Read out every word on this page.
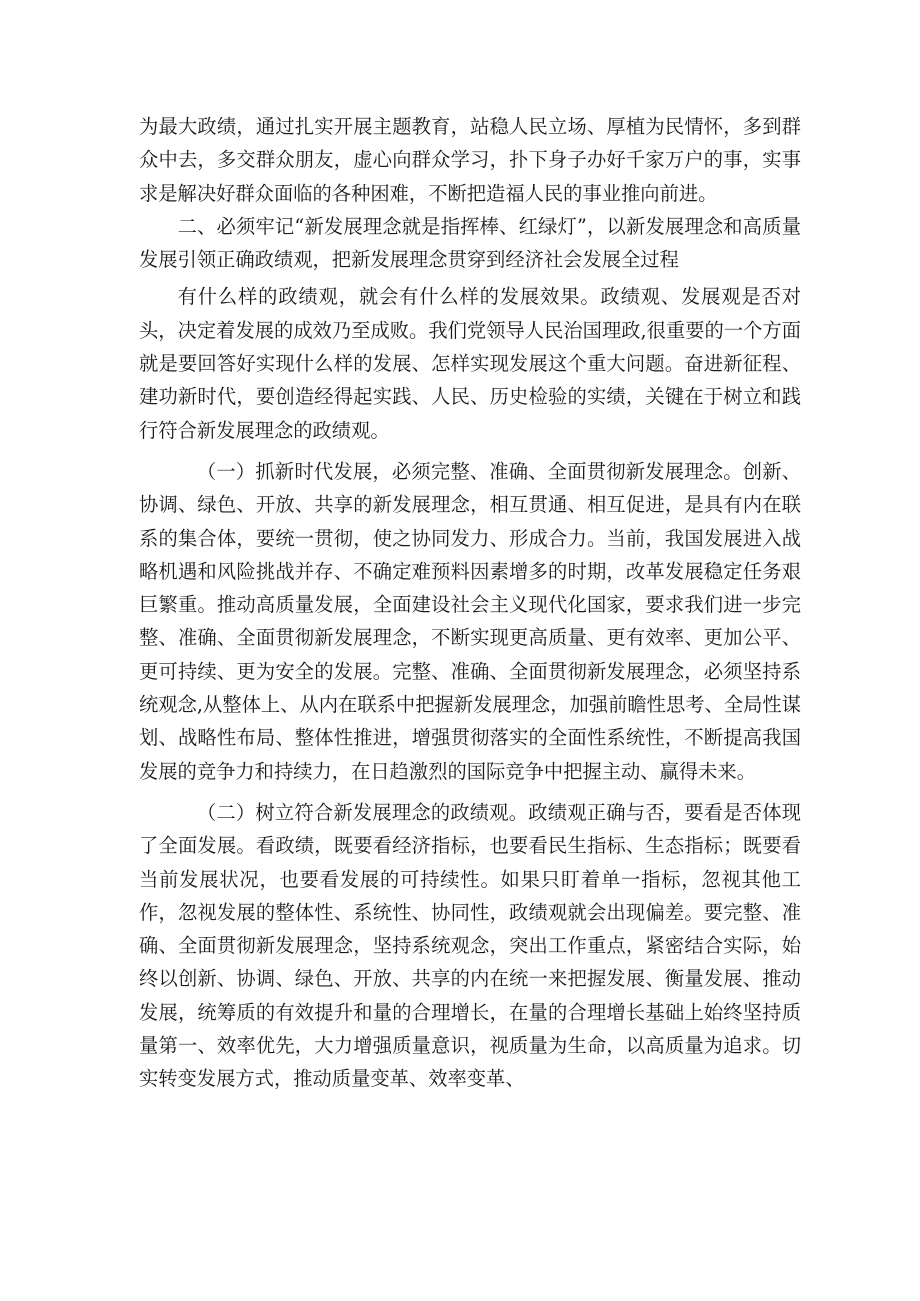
为最大政绩，通过扎实开展主题教育，站稳人民立场、厚植为民情怀，多到群众中去，多交群众朋友，虚心向群众学习，扑下身子办好千家万户的事，实事求是解决好群众面临的各种困难，不断把造福人民的事业推向前进。

二、必须牢记“新发展理念就是指挥棒、红绿灯”，以新发展理念和高质量发展引领正确政绩观，把新发展理念贯穿到经济社会发展全过程

有什么样的政绩观，就会有什么样的发展效果。政绩观、发展观是否对头，决定着发展的成效乃至成败。我们党领导人民治国理政,很重要的一个方面就是要回答好实现什么样的发展、怎样实现发展这个重大问题。奋进新征程、建功新时代，要创造经得起实践、人民、历史检验的实绩，关键在于树立和践行符合新发展理念的政绩观。

（一）抓新时代发展，必须完整、准确、全面贯彻新发展理念。创新、协调、绿色、开放、共享的新发展理念，相互贯通、相互促进，是具有内在联系的集合体，要统一贯彻，使之协同发力、形成合力。当前，我国发展进入战略机遇和风险挑战并存、不确定难预料因素增多的时期，改革发展稳定任务艰巨繁重。推动高质量发展，全面建设社会主义现代化国家，要求我们进一步完整、准确、全面贯彻新发展理念，不断实现更高质量、更有效率、更加公平、更可持续、更为安全的发展。完整、准确、全面贯彻新发展理念，必须坚持系统观念,从整体上、从内在联系中把握新发展理念，加强前瞻性思考、全局性谋划、战略性布局、整体性推进，增强贯彻落实的全面性系统性，不断提高我国发展的竞争力和持续力，在日趋激烈的国际竞争中把握主动、赢得未来。

（二）树立符合新发展理念的政绩观。政绩观正确与否，要看是否体现了全面发展。看政绩，既要看经济指标，也要看民生指标、生态指标；既要看当前发展状况，也要看发展的可持续性。如果只盯着单一指标，忽视其他工作，忽视发展的整体性、系统性、协同性，政绩观就会出现偏差。要完整、准确、全面贯彻新发展理念，坚持系统观念，突出工作重点，紧密结合实际，始终以创新、协调、绿色、开放、共享的内在统一来把握发展、衡量发展、推动发展，统筹质的有效提升和量的合理增长，在量的合理增长基础上始终坚持质量第一、效率优先，大力增强质量意识，视质量为生命，以高质量为追求。切实转变发展方式，推动质量变革、效率变革、
